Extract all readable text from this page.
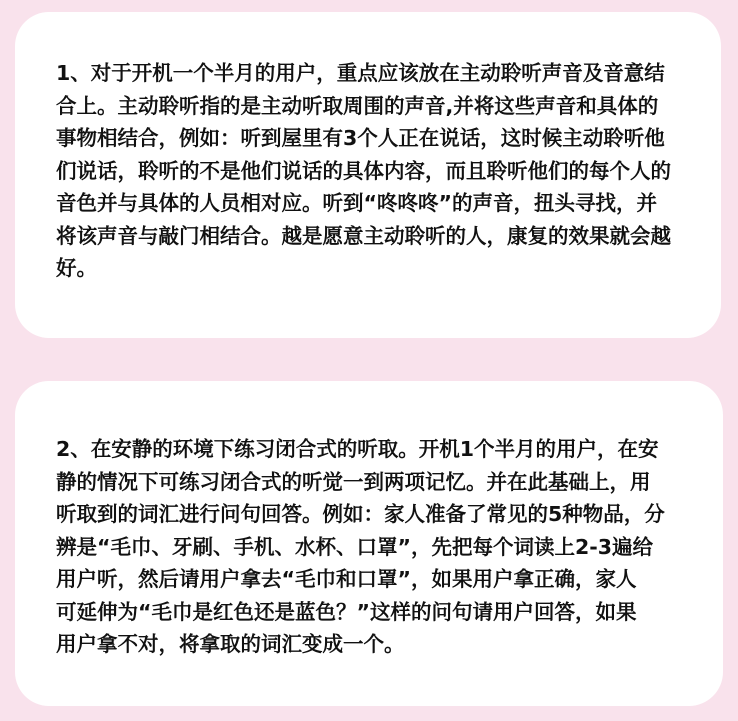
1、对于开机一个半月的用户，重点应该放在主动聆听声音及音意结
合上。主动聆听指的是主动听取周围的声音,并将这些声音和具体的
事物相结合，例如：听到屋里有3个人正在说话，这时候主动聆听他
们说话，聆听的不是他们说话的具体内容，而且聆听他们的每个人的
音色并与具体的人员相对应。听到“咚咚咚”的声音，扭头寻找，并
将该声音与敲门相结合。越是愿意主动聆听的人，康复的效果就会越
好。

2、在安静的环境下练习闭合式的听取。开机1个半月的用户，在安
静的情况下可练习闭合式的听觉一到两项记忆。并在此基础上，用
听取到的词汇进行问句回答。例如：家人准备了常见的5种物品，分
辨是“毛巾、牙刷、手机、水杯、口罩”，先把每个词读上2-3遍给
用户听，然后请用户拿去“毛巾和口罩”，如果用户拿正确，家人
可延伸为“毛巾是红色还是蓝色？”这样的问句请用户回答，如果
用户拿不对，将拿取的词汇变成一个。
